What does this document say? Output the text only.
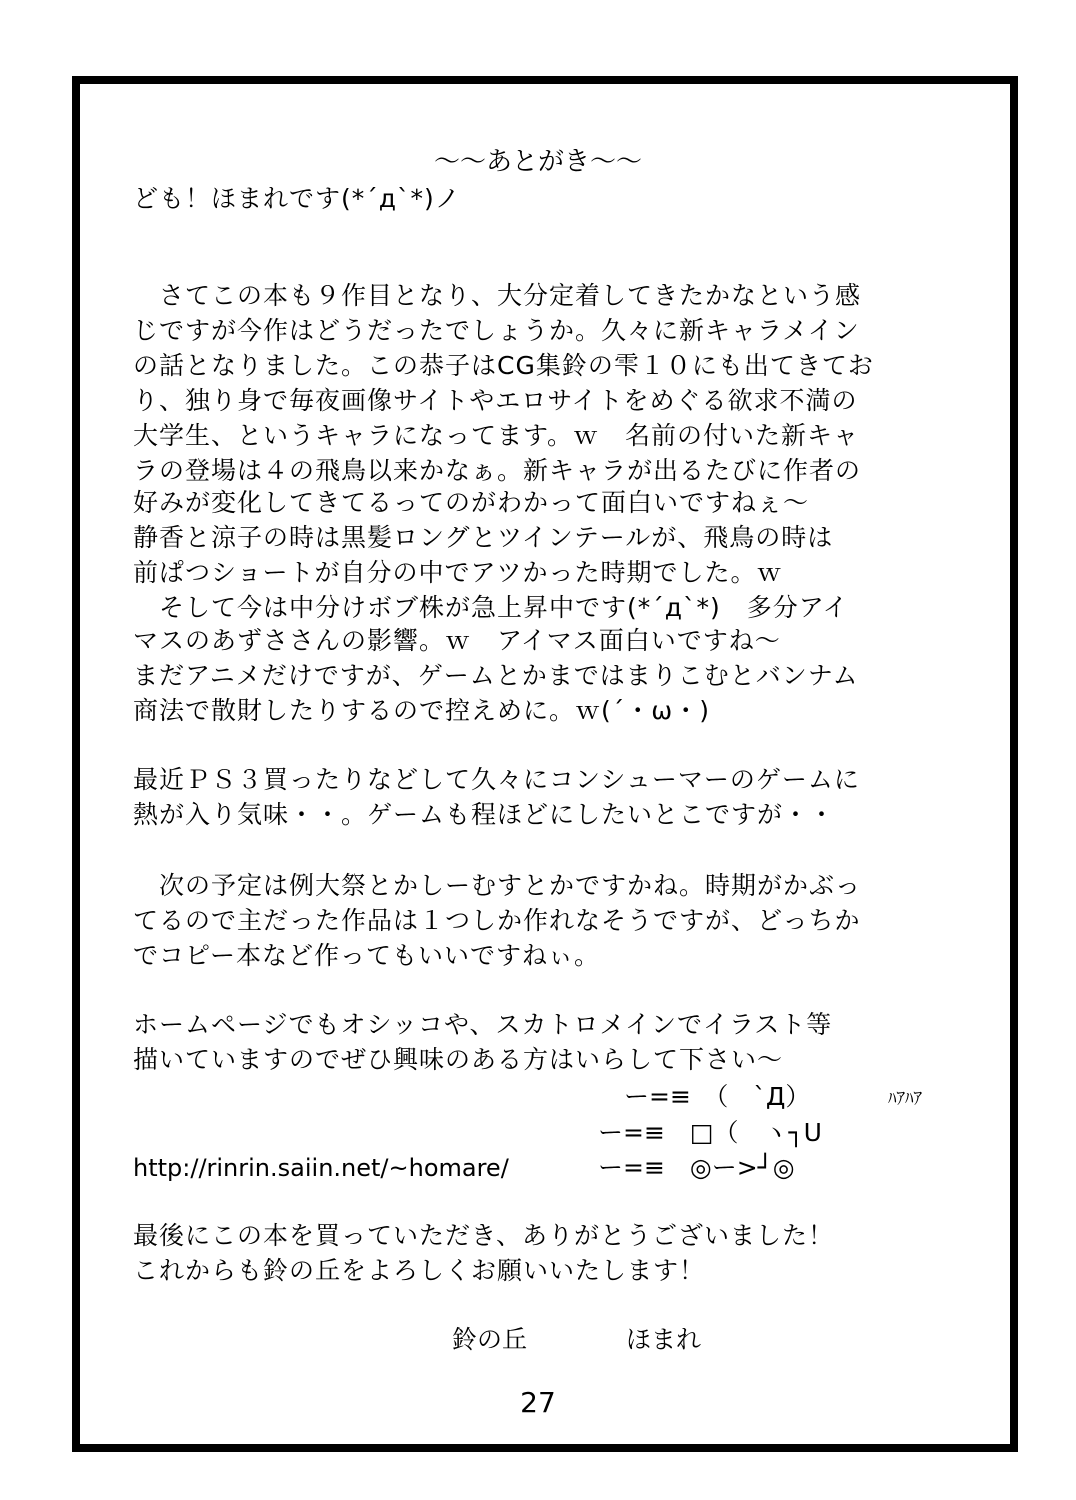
～～あとがき～～
ども！ほまれです(*´д`*)ノ
　さてこの本も９作目となり、大分定着してきたかなという感
じですが今作はどうだったでしょうか。久々に新キャラメイン
の話となりました。この恭子はCG集鈴の雫１０にも出てきてお
り、独り身で毎夜画像サイトやエロサイトをめぐる欲求不満の
大学生、というキャラになってます。ｗ　名前の付いた新キャ
ラの登場は４の飛鳥以来かなぁ。新キャラが出るたびに作者の
好みが変化してきてるってのがわかって面白いですねぇ～
静香と涼子の時は黒髪ロングとツインテールが、飛鳥の時は
前ぱつショートが自分の中でアツかった時期でした。ｗ
　そして今は中分けボブ株が急上昇中です(*´д`*)　多分アイ
マスのあずささんの影響。ｗ　アイマス面白いですね～
まだアニメだけですが、ゲームとかまではまりこむとバンナム
商法で散財したりするので控えめに。ｗ(´・ω・)
最近ＰＳ３買ったりなどして久々にコンシューマーのゲームに
熱が入り気味・・。ゲームも程ほどにしたいとこですが・・
　次の予定は例大祭とかしーむすとかですかね。時期がかぶっ
てるので主だった作品は１つしか作れなそうですが、どっちか
でコピー本など作ってもいいですねぃ。
ホームページでもオシッコや、スカトロメインでイラスト等
描いていますのでぜひ興味のある方はいらして下さい～
ー=≡　（　`Д）	ﾊｱﾊｱ
ー=≡　□（　ヽ┐U
http://rinrin.saiin.net/~homare/	ー=≡　◎ー>┘◎
最後にこの本を買っていただき、ありがとうございました！
これからも鈴の丘をよろしくお願いいたします！
鈴の丘	ほまれ
27
